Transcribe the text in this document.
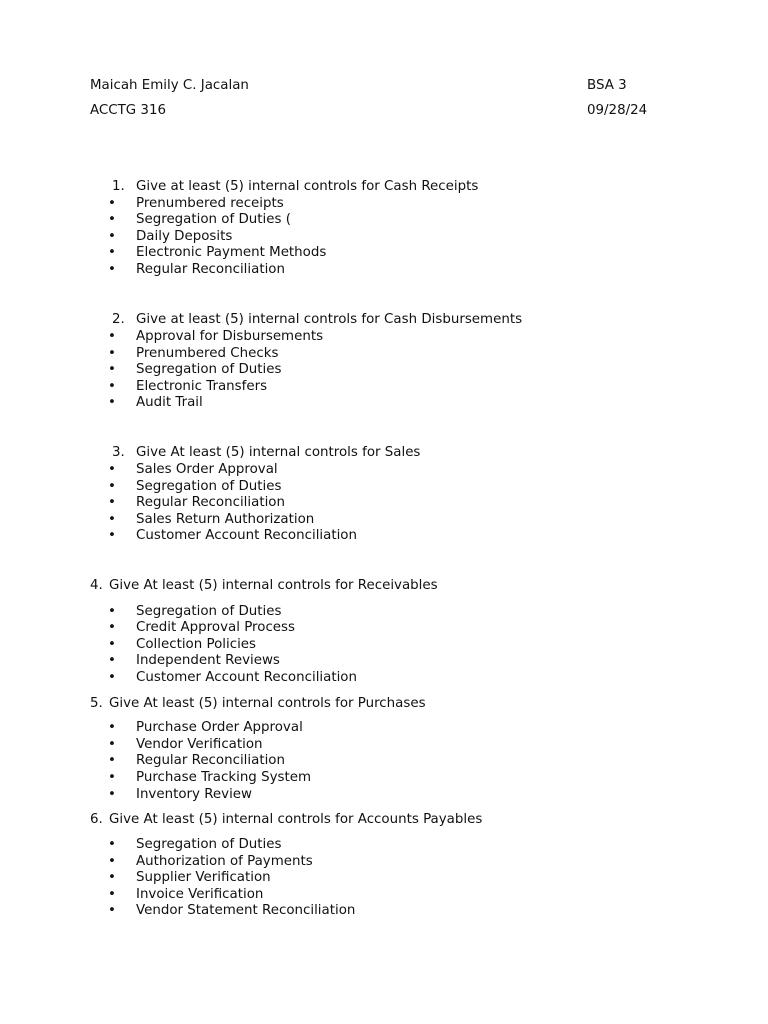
Maicah Emily C. Jacalan	BSA 3
ACCTG 316	09/28/24
1. Give at least (5) internal controls for Cash Receipts
• Prenumbered receipts
• Segregation of Duties (
• Daily Deposits
• Electronic Payment Methods
• Regular Reconciliation
2. Give at least (5) internal controls for Cash Disbursements
• Approval for Disbursements
• Prenumbered Checks
• Segregation of Duties
• Electronic Transfers
• Audit Trail
3. Give At least (5) internal controls for Sales
• Sales Order Approval
• Segregation of Duties
• Regular Reconciliation
• Sales Return Authorization
• Customer Account Reconciliation
4. Give At least (5) internal controls for Receivables
• Segregation of Duties
• Credit Approval Process
• Collection Policies
• Independent Reviews
• Customer Account Reconciliation
5. Give At least (5) internal controls for Purchases
• Purchase Order Approval
• Vendor Verification
• Regular Reconciliation
• Purchase Tracking System
• Inventory Review
6. Give At least (5) internal controls for Accounts Payables
• Segregation of Duties
• Authorization of Payments
• Supplier Verification
• Invoice Verification
• Vendor Statement Reconciliation
